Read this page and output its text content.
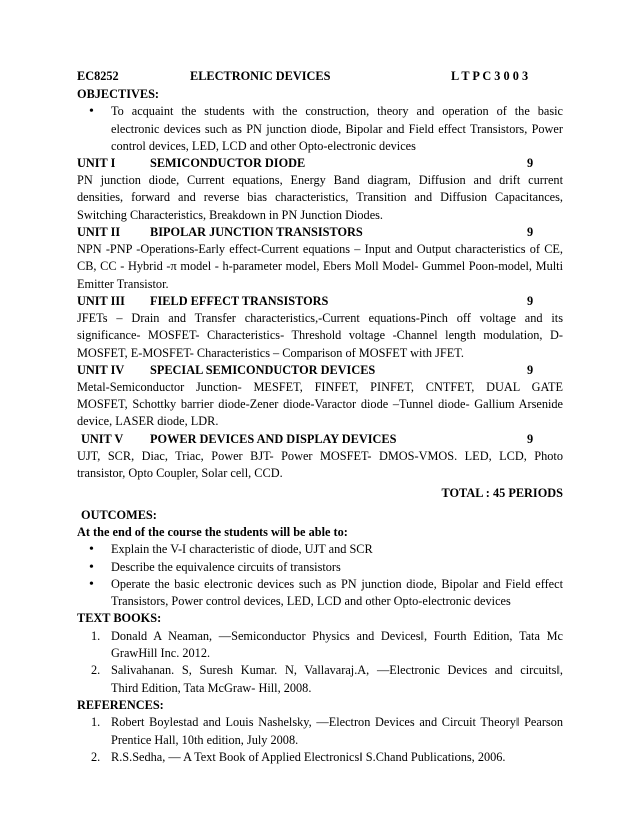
EC8252	ELECTRONIC DEVICES	L T P C 3 0 0 3
OBJECTIVES:
• To acquaint the students with the construction, theory and operation of the basic
electronic devices such as PN junction diode, Bipolar and Field effect Transistors, Power
control devices, LED, LCD and other Opto-electronic devices
UNIT I	SEMICONDUCTOR DIODE	9
PN junction diode, Current equations, Energy Band diagram, Diffusion and drift current
densities, forward and reverse bias characteristics, Transition and Diffusion Capacitances,
Switching Characteristics, Breakdown in PN Junction Diodes.
UNIT II BIPOLAR JUNCTION TRANSISTORS	9
NPN -PNP -Operations-Early effect-Current equations – Input and Output characteristics of CE,
CB, CC - Hybrid -π model - h-parameter model, Ebers Moll Model- Gummel Poon-model, Multi
Emitter Transistor.
UNIT III FIELD EFFECT TRANSISTORS	9
JFETs – Drain and Transfer characteristics,-Current equations-Pinch off voltage and its
significance- MOSFET- Characteristics- Threshold voltage -Channel length modulation, D-
MOSFET, E-MOSFET- Characteristics – Comparison of MOSFET with JFET.
UNIT IV SPECIAL SEMICONDUCTOR DEVICES	9
Metal-Semiconductor Junction- MESFET, FINFET, PINFET, CNTFET, DUAL GATE
MOSFET, Schottky barrier diode-Zener diode-Varactor diode –Tunnel diode- Gallium Arsenide
device, LASER diode, LDR.
UNIT V POWER DEVICES AND DISPLAY DEVICES	9
UJT, SCR, Diac, Triac, Power BJT- Power MOSFET- DMOS-VMOS. LED, LCD, Photo
transistor, Opto Coupler, Solar cell, CCD.
TOTAL : 45 PERIODS
OUTCOMES:
At the end of the course the students will be able to:
• Explain the V-I characteristic of diode, UJT and SCR
• Describe the equivalence circuits of transistors
• Operate the basic electronic devices such as PN junction diode, Bipolar and Field effect
Transistors, Power control devices, LED, LCD and other Opto-electronic devices
TEXT BOOKS:
1. Donald A Neaman, ―Semiconductor Physics and Devices‖, Fourth Edition, Tata Mc
GrawHill Inc. 2012.
2. Salivahanan. S, Suresh Kumar. N, Vallavaraj.A, ―Electronic Devices and circuits‖,
Third Edition, Tata McGraw- Hill, 2008.
REFERENCES:
1. Robert Boylestad and Louis Nashelsky, ―Electron Devices and Circuit Theory‖ Pearson
Prentice Hall, 10th edition, July 2008.
2. R.S.Sedha, ― A Text Book of Applied Electronics‖ S.Chand Publications, 2006.
